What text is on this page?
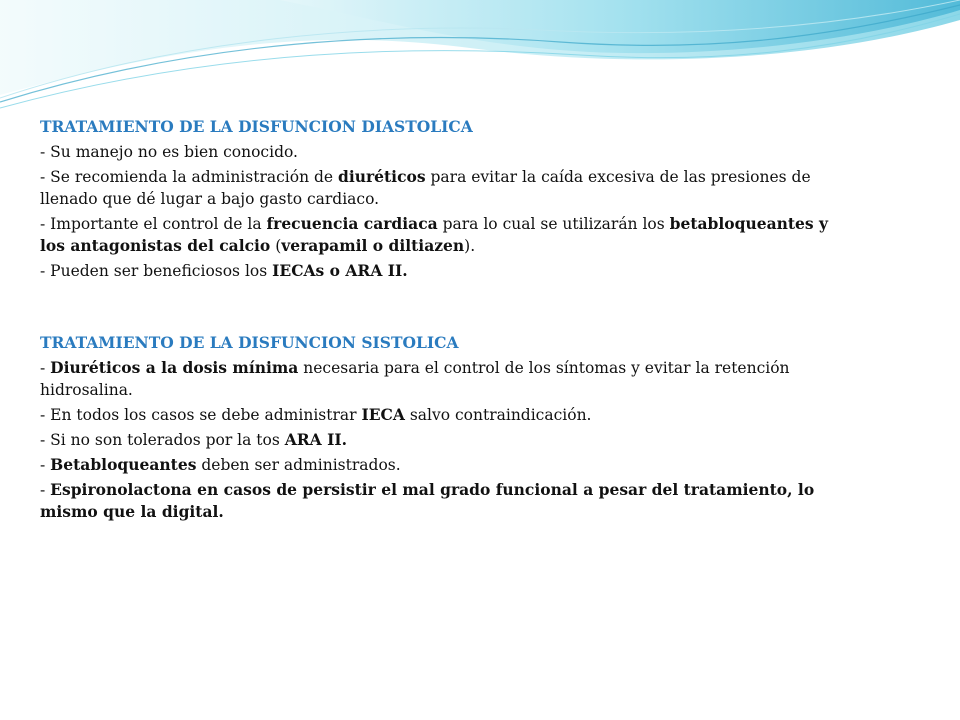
TRATAMIENTO DE LA DISFUNCION DIASTOLICA
- Su manejo no es bien conocido.
- Se recomienda la administración de diuréticos para evitar la caída excesiva de las presiones de llenado que dé lugar a bajo gasto cardiaco.
- Importante el control de la frecuencia cardiaca para lo cual se utilizarán los betabloqueantes y los antagonistas del calcio (verapamil o diltiazen).
- Pueden ser beneficiosos los IECAs o ARA II.
TRATAMIENTO DE LA DISFUNCION SISTOLICA
- Diuréticos a la dosis mínima necesaria para el control de los síntomas y evitar la retención hidrosalina.
- En todos los casos se debe administrar IECA salvo contraindicación.
- Si no son tolerados por la tos ARA II.
- Betabloqueantes deben ser administrados.
- Espironolactona en casos de persistir el mal grado funcional a pesar del tratamiento, lo mismo que la digital.
